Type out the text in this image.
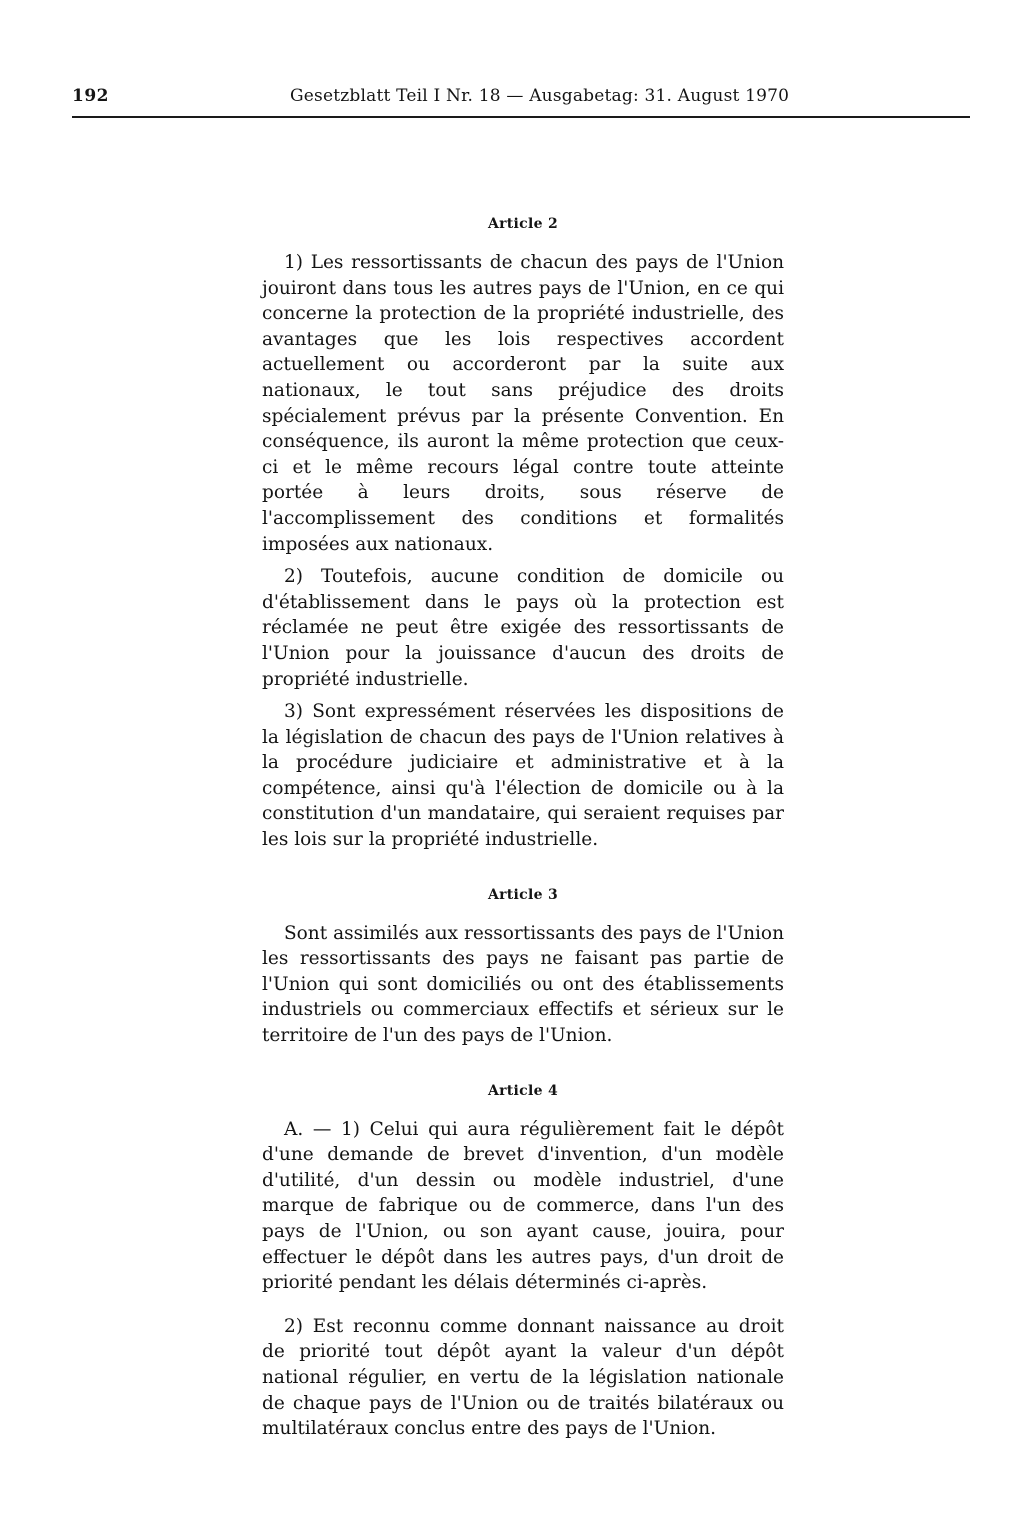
192	Gesetzblatt Teil I Nr. 18 — Ausgabetag: 31. August 1970
Article 2

1) Les ressortissants de chacun des pays de l'Union jouiront dans tous les autres pays de l'Union, en ce qui concerne la protection de la propriété industrielle, des avantages que les lois respectives accordent actuellement ou accorderont par la suite aux nationaux, le tout sans préjudice des droits spécialement prévus par la présente Convention. En conséquence, ils auront la même protection que ceux-ci et le même recours légal contre toute atteinte portée à leurs droits, sous réserve de l'accomplissement des conditions et formalités imposées aux nationaux.

2) Toutefois, aucune condition de domicile ou d'établissement dans le pays où la protection est réclamée ne peut être exigée des ressortissants de l'Union pour la jouissance d'aucun des droits de propriété industrielle.

3) Sont expressément réservées les dispositions de la législation de chacun des pays de l'Union relatives à la procédure judiciaire et administrative et à la compétence, ainsi qu'à l'élection de domicile ou à la constitution d'un mandataire, qui seraient requises par les lois sur la propriété industrielle.

Article 3

Sont assimilés aux ressortissants des pays de l'Union les ressortissants des pays ne faisant pas partie de l'Union qui sont domiciliés ou ont des établissements industriels ou commerciaux effectifs et sérieux sur le territoire de l'un des pays de l'Union.

Article 4

A. — 1) Celui qui aura régulièrement fait le dépôt d'une demande de brevet d'invention, d'un modèle d'utilité, d'un dessin ou modèle industriel, d'une marque de fabrique ou de commerce, dans l'un des pays de l'Union, ou son ayant cause, jouira, pour effectuer le dépôt dans les autres pays, d'un droit de priorité pendant les délais déterminés ci-après.

2) Est reconnu comme donnant naissance au droit de priorité tout dépôt ayant la valeur d'un dépôt national régulier, en vertu de la législation nationale de chaque pays de l'Union ou de traités bilatéraux ou multilatéraux conclus entre des pays de l'Union.
